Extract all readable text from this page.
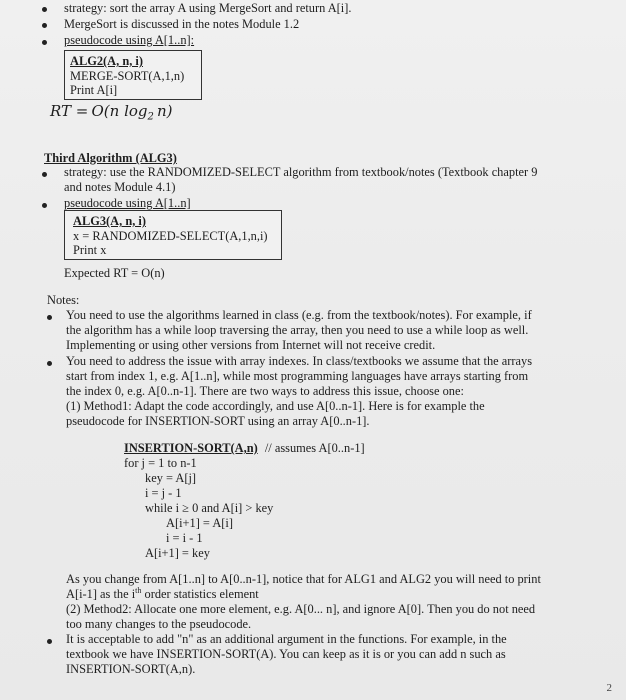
strategy: sort the array A using MergeSort and return A[i].
MergeSort is discussed in the notes Module 1.2
pseudocode using A[1..n]:
ALG2(A, n, i)
MERGE-SORT(A,1,n)
Print A[i]
RT = O(n $\log_2 n$)
Third Algorithm (ALG3)
strategy: use the RANDOMIZED-SELECT algorithm from textbook/notes (Textbook chapter 9
and notes Module 4.1)
pseudocode using A[1..n]
ALG3(A, n, i)
x = RANDOMIZED-SELECT(A,1,n,i)
Print x
Expected RT = O(n)
Notes:
You need to use the algorithms learned in class (e.g. from the textbook/notes). For example, if
the algorithm has a while loop traversing the array, then you need to use a while loop as well.
Implementing or using other versions from Internet will not receive credit.
You need to address the issue with array indexes. In class/textbooks we assume that the arrays
start from index 1, e.g. A[1..n], while most programming languages have arrays starting from
the index 0, e.g. A[0..n-1]. There are two ways to address this issue, choose one:
(1) Method1: Adapt the code accordingly, and use A[0..n-1]. Here is for example the
pseudocode for INSERTION-SORT using an array A[0..n-1].
INSERTION-SORT(A,n) // assumes A[0..n-1]
for j = 1 to n-1
key = A[j]
i = j - 1
while i ≥ 0 and A[i] > key
A[i+1] = A[i]
i = i - 1
A[i+1] = key
As you change from A[1..n] to A[0..n-1], notice that for ALG1 and ALG2 you will need to print
A[i-1] as the $i^{th}$ order statistics element
(2) Method2: Allocate one more element, e.g. A[0... n], and ignore A[0]. Then you do not need
too many changes to the pseudocode.
It is acceptable to add "n" as an additional argument in the functions. For example, in the
textbook we have INSERTION-SORT(A). You can keep as it is or you can add n such as
INSERTION-SORT(A,n).
2
